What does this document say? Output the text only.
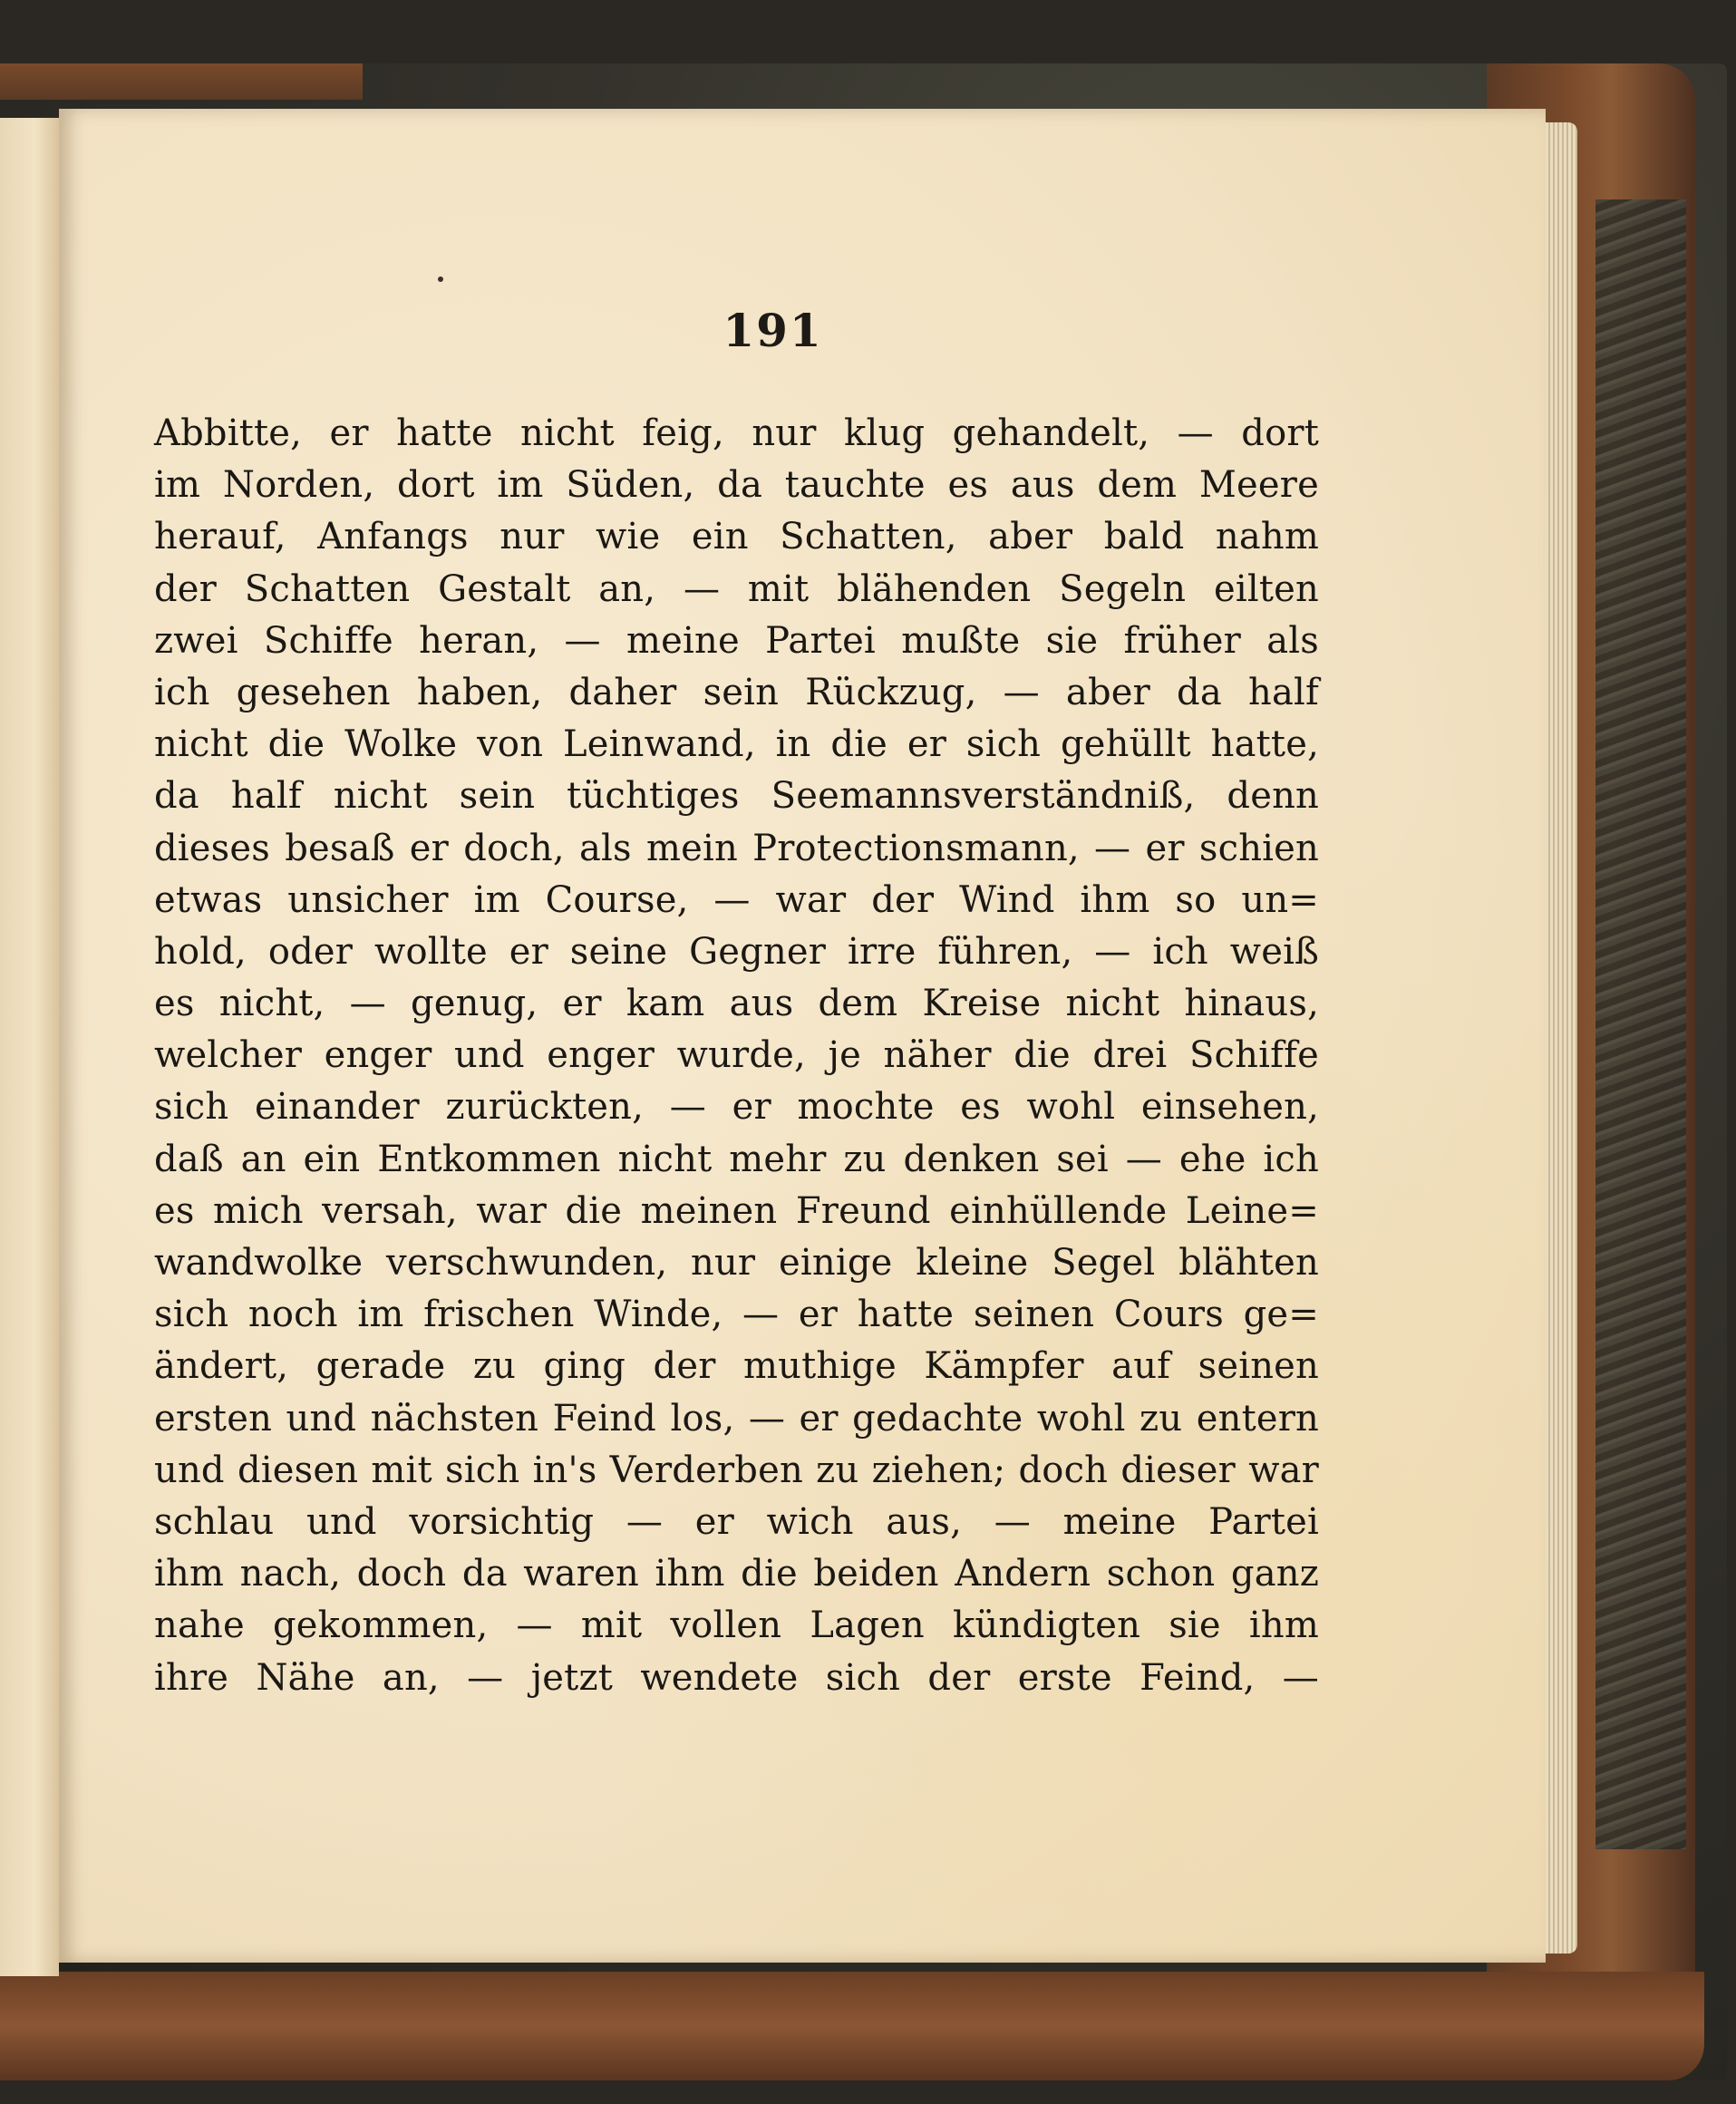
191
Abbitte, er hatte nicht feig, nur klug gehandelt, — dort
im Norden, dort im Süden, da tauchte es aus dem Meere
herauf, Anfangs nur wie ein Schatten, aber bald nahm
der Schatten Gestalt an, — mit blähenden Segeln eilten
zwei Schiffe heran, — meine Partei mußte sie früher als
ich gesehen haben, daher sein Rückzug, — aber da half
nicht die Wolke von Leinwand, in die er sich gehüllt hatte,
da half nicht sein tüchtiges Seemannsverständniß, denn
dieses besaß er doch, als mein Protectionsmann, — er schien
etwas unsicher im Course, — war der Wind ihm so un=
hold, oder wollte er seine Gegner irre führen, — ich weiß
es nicht, — genug, er kam aus dem Kreise nicht hinaus,
welcher enger und enger wurde, je näher die drei Schiffe
sich einander zurückten, — er mochte es wohl einsehen,
daß an ein Entkommen nicht mehr zu denken sei — ehe ich
es mich versah, war die meinen Freund einhüllende Leine=
wandwolke verschwunden, nur einige kleine Segel blähten
sich noch im frischen Winde, — er hatte seinen Cours ge=
ändert, gerade zu ging der muthige Kämpfer auf seinen
ersten und nächsten Feind los, — er gedachte wohl zu entern
und diesen mit sich in's Verderben zu ziehen; doch dieser war
schlau und vorsichtig — er wich aus, — meine Partei
ihm nach, doch da waren ihm die beiden Andern schon ganz
nahe gekommen, — mit vollen Lagen kündigten sie ihm
ihre Nähe an, — jetzt wendete sich der erste Feind, —
